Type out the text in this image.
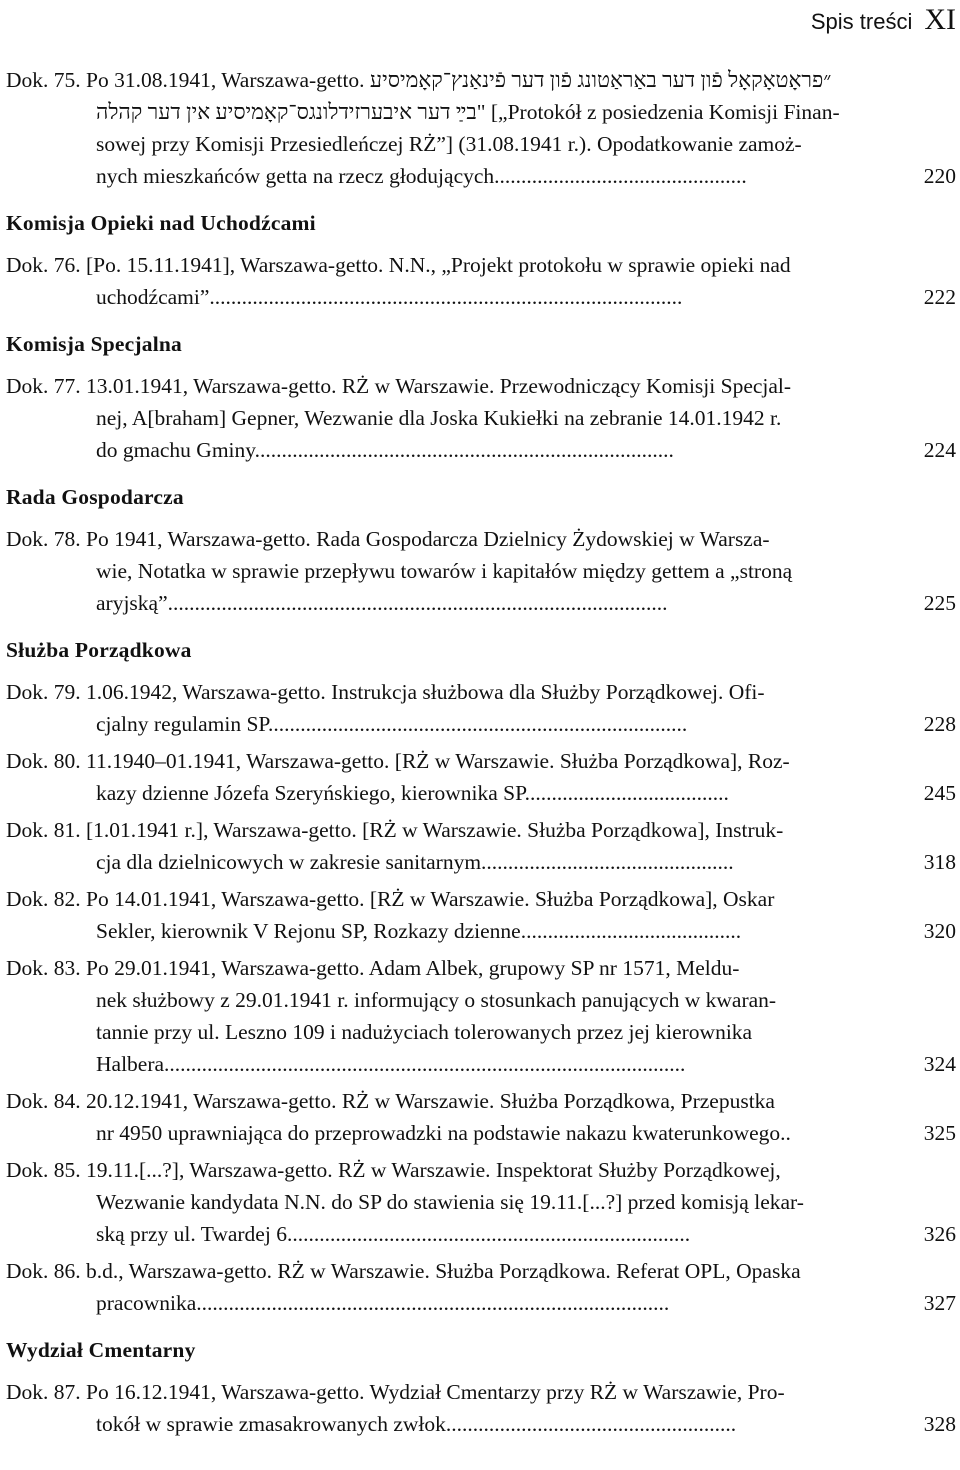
Spis treści XI
Dok. 75. Po 31.08.1941, Warszawa-getto. ״פראָטאָקאָל פֿון דער באַראַטונג פֿון דער פֿינאַנץ־קאָמיסיע
בײַ דער איבערזידלונגס־קאָמיסיע אין דער קהלה" [„Protokół z posiedzenia Komisji Finan-
sowej przy Komisji Przesiedleńczej RŻ”] (31.08.1941 r.). Opodatkowanie zamoż-
nych mieszkańców getta na rzecz głodujących...............................................	220
Komisja Opieki nad Uchodźcami
Dok. 76. [Po. 15.11.1941], Warszawa-getto. N.N., „Projekt protokołu w sprawie opieki nad
uchodźcami”........................................................................................	222
Komisja Specjalna
Dok. 77. 13.01.1941, Warszawa-getto. RŻ w Warszawie. Przewodniczący Komisji Specjal-
nej, A[braham] Gepner, Wezwanie dla Joska Kukiełki na zebranie 14.01.1942 r.
do gmachu Gminy..............................................................................	224
Rada Gospodarcza
Dok. 78. Po 1941, Warszawa-getto. Rada Gospodarcza Dzielnicy Żydowskiej w Warsza-
wie, Notatka w sprawie przepływu towarów i kapitałów między gettem a „stroną
aryjską”.............................................................................................	225
Służba Porządkowa
Dok. 79. 1.06.1942, Warszawa-getto. Instrukcja służbowa dla Służby Porządkowej. Ofi-
cjalny regulamin SP..............................................................................	228
Dok. 80. 11.1940–01.1941, Warszawa-getto. [RŻ w Warszawie. Służba Porządkowa], Roz-
kazy dzienne Józefa Szeryńskiego, kierownika SP......................................	245
Dok. 81. [1.01.1941 r.], Warszawa-getto. [RŻ w Warszawie. Służba Porządkowa], Instruk-
cja dla dzielnicowych w zakresie sanitarnym...............................................	318
Dok. 82. Po 14.01.1941, Warszawa-getto. [RŻ w Warszawie. Służba Porządkowa], Oskar
Sekler, kierownik V Rejonu SP, Rozkazy dzienne.........................................	320
Dok. 83. Po 29.01.1941, Warszawa-getto. Adam Albek, grupowy SP nr 1571, Meldu-
nek służbowy z 29.01.1941 r. informujący o stosunkach panujących w kwaran-
tannie przy ul. Leszno 109 i nadużyciach tolerowanych przez jej kierownika
Halbera.................................................................................................	324
Dok. 84. 20.12.1941, Warszawa-getto. RŻ w Warszawie. Służba Porządkowa, Przepustka
nr 4950 uprawniająca do przeprowadzki na podstawie nakazu kwaterunkowego..	325
Dok. 85. 19.11.[...?], Warszawa-getto. RŻ w Warszawie. Inspektorat Służby Porządkowej,
Wezwanie kandydata N.N. do SP do stawienia się 19.11.[...?] przed komisją lekar-
ską przy ul. Twardej 6...........................................................................	326
Dok. 86. b.d., Warszawa-getto. RŻ w Warszawie. Służba Porządkowa. Referat OPL, Opaska
pracownika........................................................................................	327
Wydział Cmentarny
Dok. 87. Po 16.12.1941, Warszawa-getto. Wydział Cmentarzy przy RŻ w Warszawie, Pro-
tokół w sprawie zmasakrowanych zwłok......................................................	328
